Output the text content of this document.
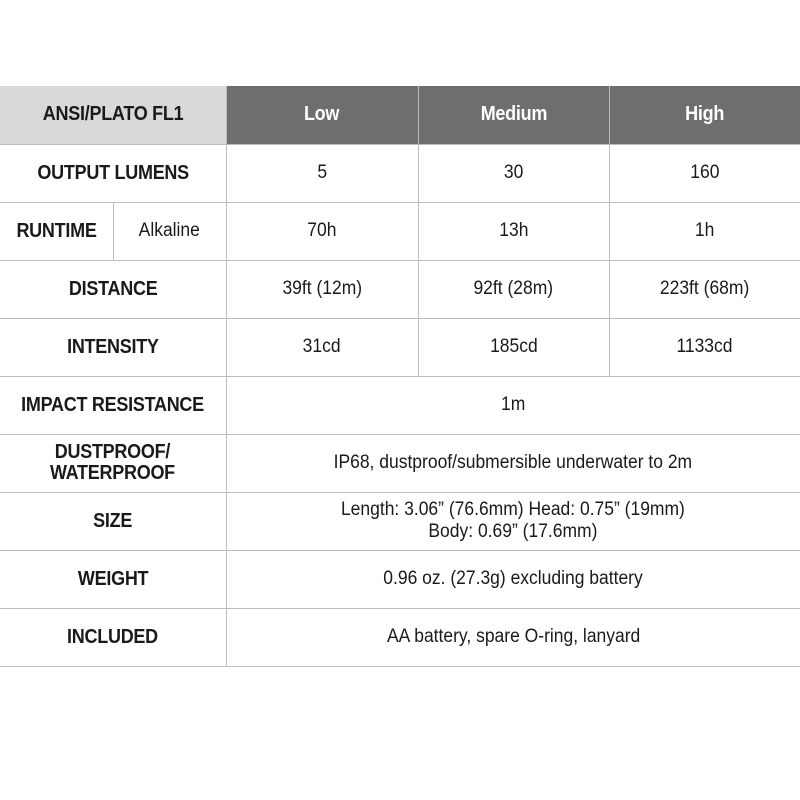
ANSI/PLATO FL1		Low	Medium	High
OUTPUT LUMENS		5	30	160
RUNTIME	Alkaline	70h	13h	1h
DISTANCE		39ft (12m)	92ft (28m)	223ft (68m)
INTENSITY		31cd	185cd	1133cd
IMPACT RESISTANCE		1m		

DUSTPROOF/
WATERPROOF		IP68, dustproof/submersible underwater to 2m		
SIZE		Length: 3.06” (76.6mm) Head: 0.75” (19mm)
Body: 0.69” (17.6mm)		

WEIGHT		0.96 oz. (27.3g) excluding battery		
INCLUDED		AA battery, spare O-ring, lanyard		
